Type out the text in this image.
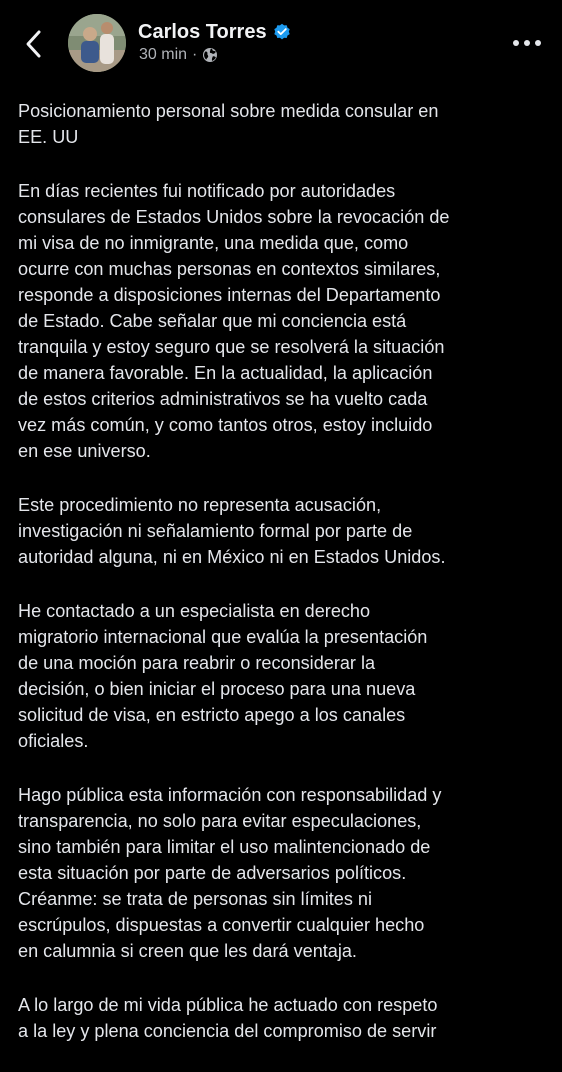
Carlos Torres
30 min ·

Posicionamiento personal sobre medida consular en
EE. UU

En días recientes fui notificado por autoridades
consulares de Estados Unidos sobre la revocación de
mi visa de no inmigrante, una medida que, como
ocurre con muchas personas en contextos similares,
responde a disposiciones internas del Departamento
de Estado. Cabe señalar que mi conciencia está
tranquila y estoy seguro que se resolverá la situación
de manera favorable. En la actualidad, la aplicación
de estos criterios administrativos se ha vuelto cada
vez más común, y como tantos otros, estoy incluido
en ese universo.

Este procedimiento no representa acusación,
investigación ni señalamiento formal por parte de
autoridad alguna, ni en México ni en Estados Unidos.

He contactado a un especialista en derecho
migratorio internacional que evalúa la presentación
de una moción para reabrir o reconsiderar la
decisión, o bien iniciar el proceso para una nueva
solicitud de visa, en estricto apego a los canales
oficiales.

Hago pública esta información con responsabilidad y
transparencia, no solo para evitar especulaciones,
sino también para limitar el uso malintencionado de
esta situación por parte de adversarios políticos.
Créanme: se trata de personas sin límites ni
escrúpulos, dispuestas a convertir cualquier hecho
en calumnia si creen que les dará ventaja.

A lo largo de mi vida pública he actuado con respeto
a la ley y plena conciencia del compromiso de servir
